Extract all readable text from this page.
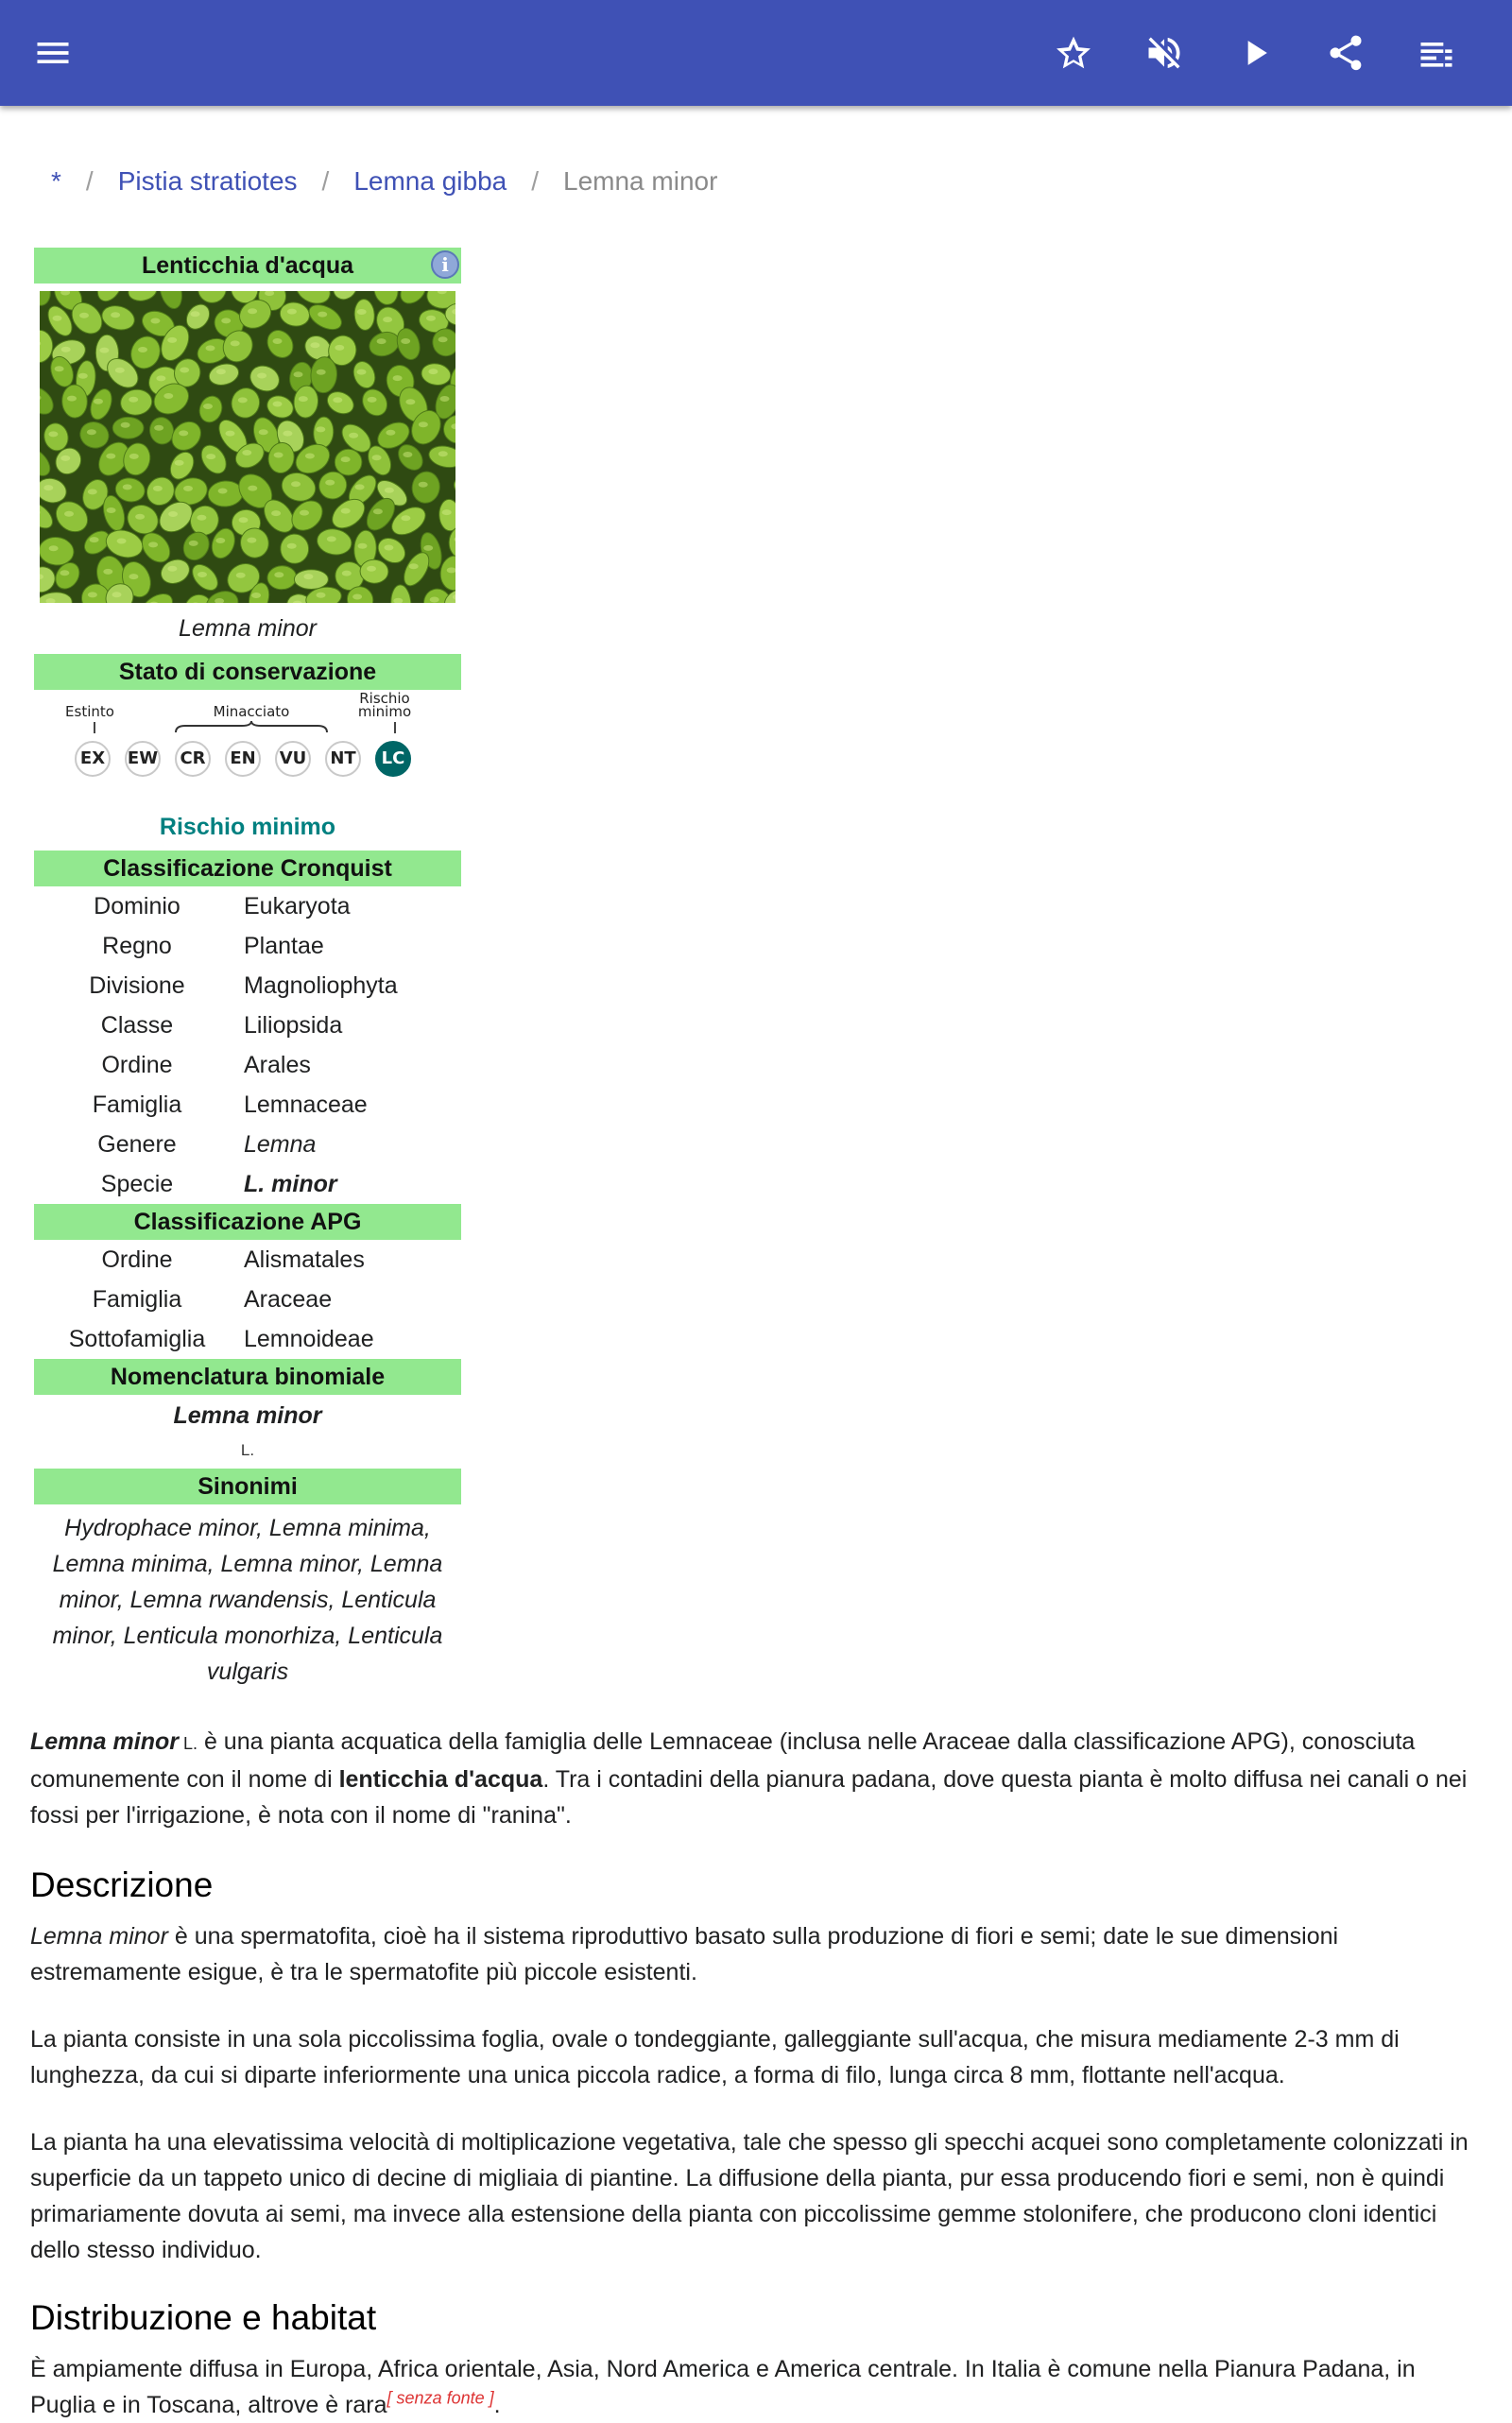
* / Pistia stratiotes / Lemna gibba / Lemna minor
Lenticchia d'acqua	i
Lemna minor
Stato di conservazione
Estinto	Minacciato
Rischio minimo
EX	EW	CR	EN VU NT	LC
Rischio minimo
Classificazione Cronquist
Dominio	Eukaryota
Regno	Plantae
Divisione	Magnoliophyta
Classe	Liliopsida
Ordine	Arales
Famiglia	Lemnaceae
Genere	Lemna
Specie	L. minor
Classificazione APG
Ordine	Alismatales
Famiglia	Araceae
Sottofamiglia	Lemnoideae
Nomenclatura binomiale
Lemna minor
L.
Sinonimi
Hydrophace minor, Lemna minima, Lemna minima, Lemna minor, Lemna minor, Lemna rwandensis, Lenticula minor, Lenticula monorhiza, Lenticula vulgaris

Lemna minor L. è una pianta acquatica della famiglia delle Lemnaceae (inclusa nelle Araceae dalla classificazione APG), conosciuta comunemente con il nome di lenticchia d'acqua. Tra i contadini della pianura padana, dove questa pianta è molto diffusa nei canali o nei fossi per l'irrigazione, è nota con il nome di "ranina".

Descrizione

Lemna minor è una spermatofita, cioè ha il sistema riproduttivo basato sulla produzione di fiori e semi; date le sue dimensioni estremamente esigue, è tra le spermatofite più piccole esistenti.

La pianta consiste in una sola piccolissima foglia, ovale o tondeggiante, galleggiante sull'acqua, che misura mediamente 2-3 mm di lunghezza, da cui si diparte inferiormente una unica piccola radice, a forma di filo, lunga circa 8 mm, flottante nell'acqua.

La pianta ha una elevatissima velocità di moltiplicazione vegetativa, tale che spesso gli specchi acquei sono completamente colonizzati in superficie da un tappeto unico di decine di migliaia di piantine. La diffusione della pianta, pur essa producendo fiori e semi, non è quindi primariamente dovuta ai semi, ma invece alla estensione della pianta con piccolissime gemme stolonifere, che producono cloni identici dello stesso individuo.

Distribuzione e habitat

È ampiamente diffusa in Europa, Africa orientale, Asia, Nord America e America centrale. In Italia è comune nella Pianura Padana, in Puglia e in Toscana, altrove è rara[ senza fonte ].
